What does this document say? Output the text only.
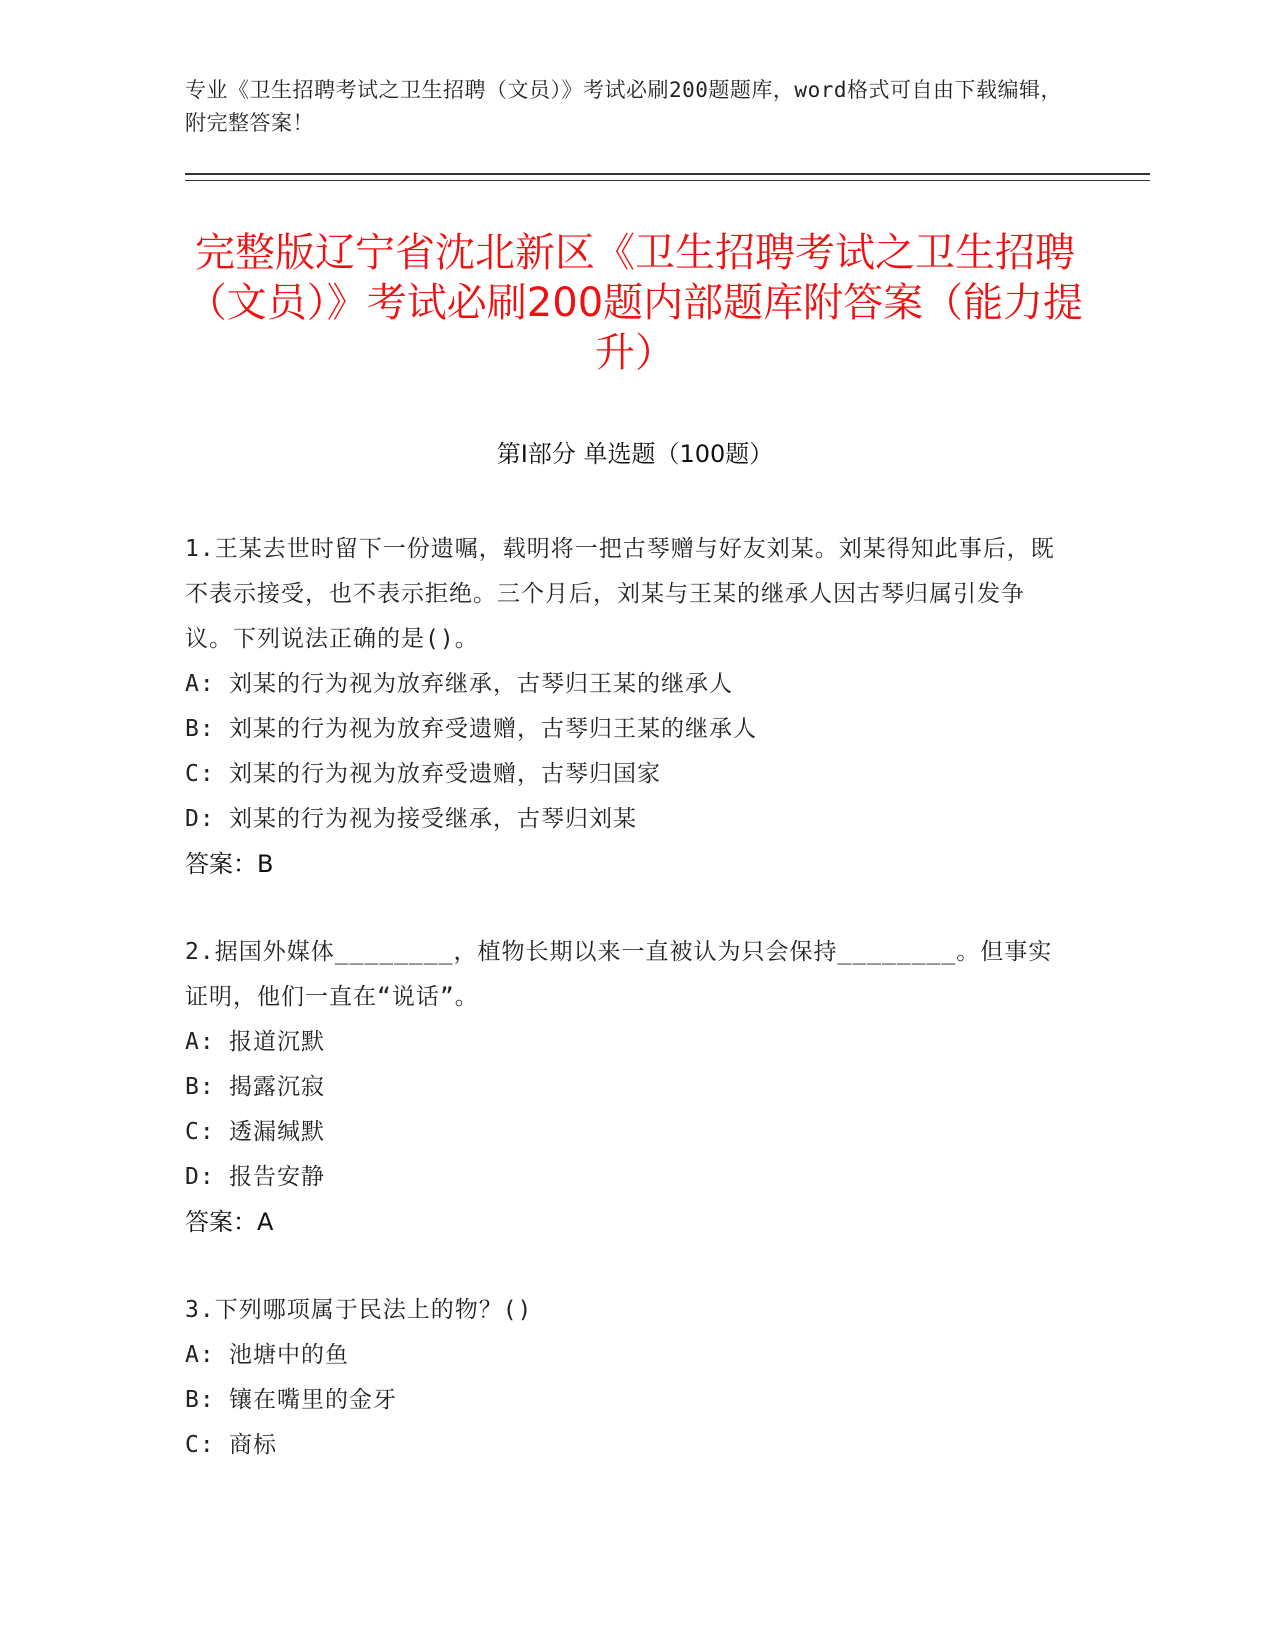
专业《卫生招聘考试之卫生招聘（文员）》考试必刷200题题库，word格式可自由下载编辑，附完整答案！
完整版辽宁省沈北新区《卫生招聘考试之卫生招聘（文员）》考试必刷200题内部题库附答案（能力提升）
第I部分 单选题（100题）

1.王某去世时留下一份遗嘱，载明将一把古琴赠与好友刘某。刘某得知此事后，既不表示接受，也不表示拒绝。三个月后，刘某与王某的继承人因古琴归属引发争议。下列说法正确的是()。

A: 刘某的行为视为放弃继承，古琴归王某的继承人

B: 刘某的行为视为放弃受遗赠，古琴归王某的继承人

C: 刘某的行为视为放弃受遗赠，古琴归国家

D: 刘某的行为视为接受继承，古琴归刘某

答案：B

2.据国外媒体________，植物长期以来一直被认为只会保持________。但事实证明，他们一直在“说话”。

A: 报道沉默

B: 揭露沉寂

C: 透漏缄默

D: 报告安静

答案：A

3.下列哪项属于民法上的物？()

A: 池塘中的鱼

B: 镶在嘴里的金牙

C: 商标
